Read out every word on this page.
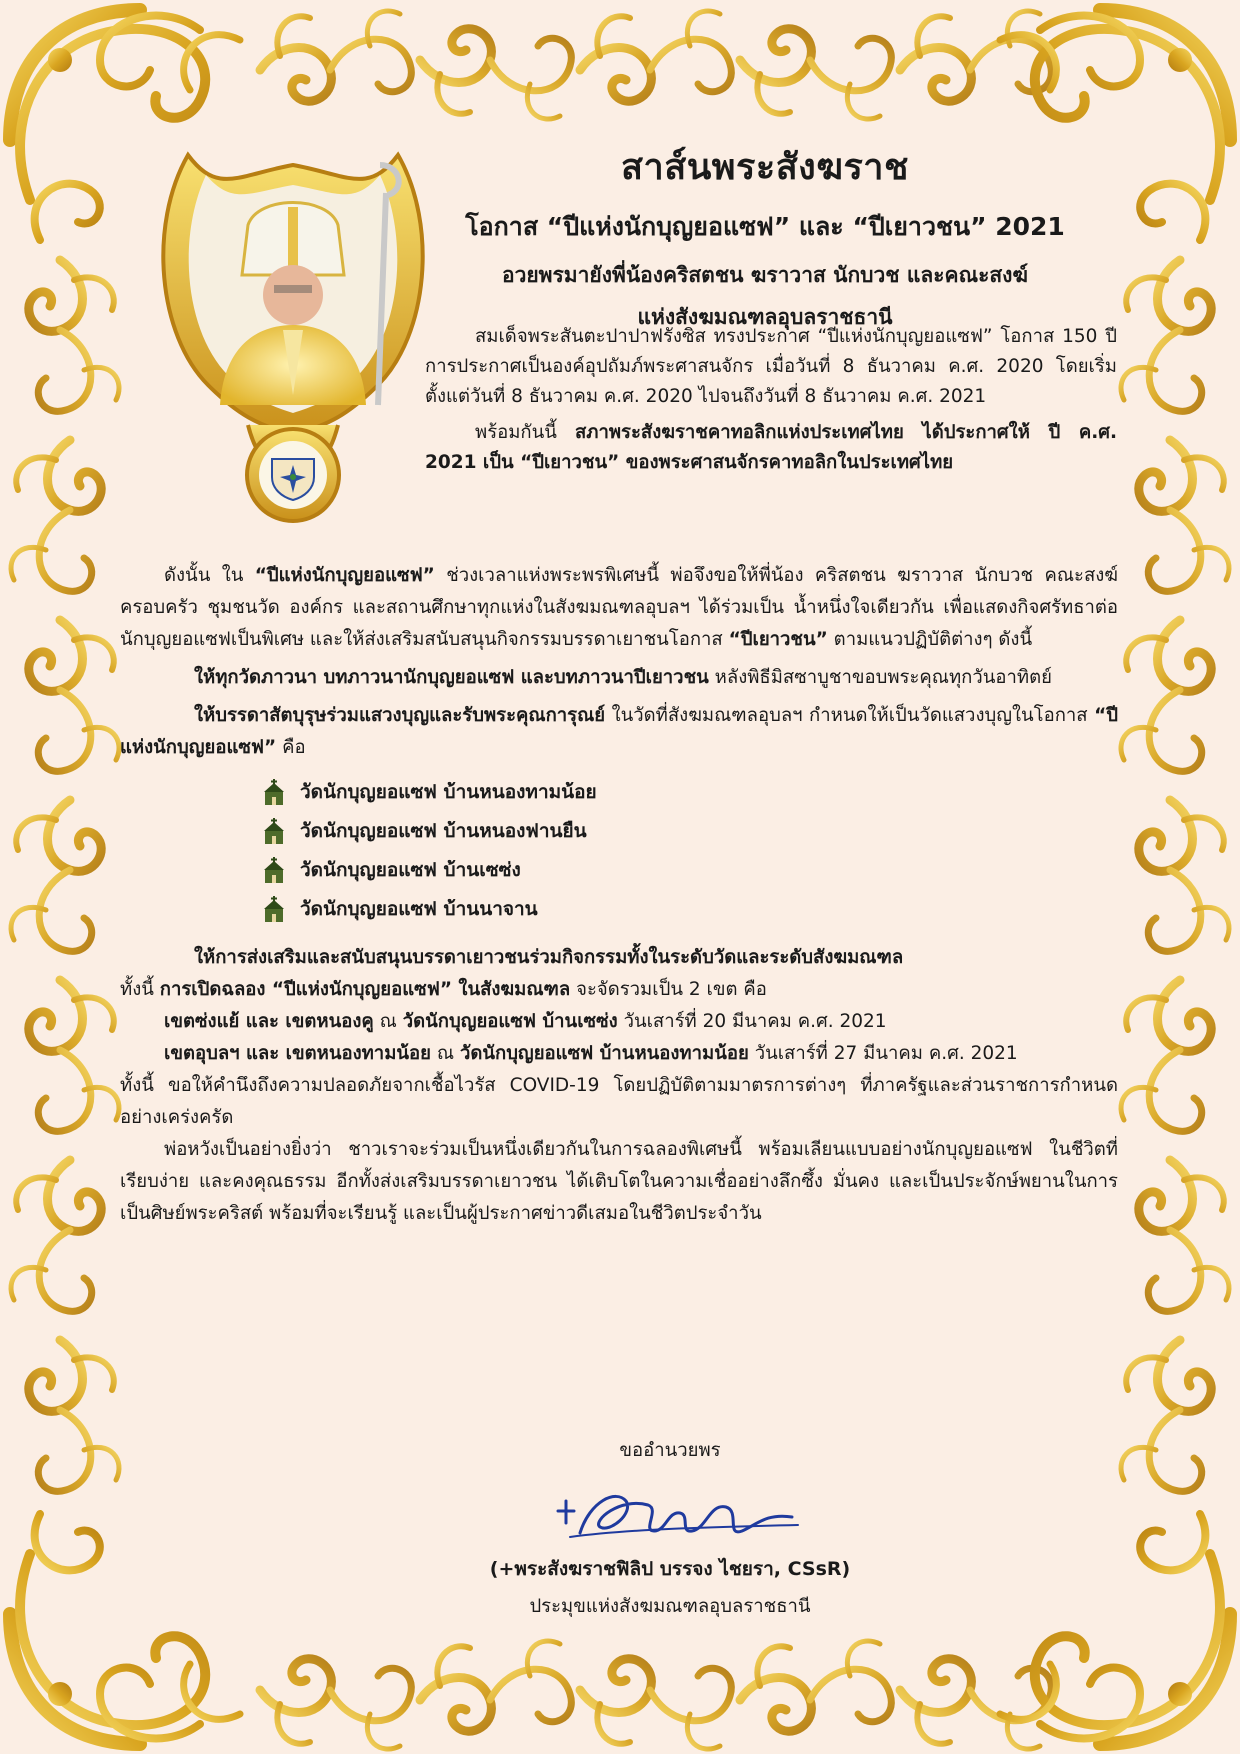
สาส์นพระสังฆราช
โอกาส “ปีแห่งนักบุญยอแซฟ” และ “ปีเยาวชน” 2021
อวยพรมายังพี่น้องคริสตชน ฆราวาส นักบวช และคณะสงฆ์
แห่งสังฆมณฑลอุบลราชธานี

สมเด็จพระสันตะปาปาฟรังซิส ทรงประกาศ “ปีแห่งนักบุญยอแซฟ” โอกาส 150 ปี การประกาศเป็นองค์อุปถัมภ์พระศาสนจักร เมื่อวันที่ 8 ธันวาคม ค.ศ. 2020 โดยเริ่มตั้งแต่วันที่ 8 ธันวาคม ค.ศ. 2020 ไปจนถึงวันที่ 8 ธันวาคม ค.ศ. 2021

พร้อมกันนี้ สภาพระสังฆราชคาทอลิกแห่งประเทศไทย ได้ประกาศให้ ปี ค.ศ. 2021 เป็น “ปีเยาวชน” ของพระศาสนจักรคาทอลิกในประเทศไทย

ดังนั้น ใน “ปีแห่งนักบุญยอแซฟ” ช่วงเวลาแห่งพระพรพิเศษนี้ พ่อจึงขอให้พี่น้อง คริสตชน ฆราวาส นักบวช คณะสงฆ์ ครอบครัว ชุมชนวัด องค์กร และสถานศึกษาทุกแห่งในสังฆมณฑลอุบลฯ ได้ร่วมเป็น น้ำหนึ่งใจเดียวกัน เพื่อแสดงกิจศรัทธาต่อนักบุญยอแซฟเป็นพิเศษ และให้ส่งเสริมสนับสนุนกิจกรรมบรรดาเยาชนโอกาส “ปีเยาวชน” ตามแนวปฏิบัติต่างๆ ดังนี้

ให้ทุกวัดภาวนา บทภาวนานักบุญยอแซฟ และบทภาวนาปีเยาวชน หลังพิธีมิสซาบูชาขอบพระคุณทุกวันอาทิตย์

ให้บรรดาสัตบุรุษร่วมแสวงบุญและรับพระคุณการุณย์ ในวัดที่สังฆมณฑลอุบลฯ กำหนดให้เป็นวัดแสวงบุญในโอกาส “ปีแห่งนักบุญยอแซฟ” คือ

วัดนักบุญยอแซฟ บ้านหนองทามน้อย
วัดนักบุญยอแซฟ บ้านหนองฟานยืน
วัดนักบุญยอแซฟ บ้านเซซ่ง
วัดนักบุญยอแซฟ บ้านนาจาน

ให้การส่งเสริมและสนับสนุนบรรดาเยาวชนร่วมกิจกรรมทั้งในระดับวัดและระดับสังฆมณฑล

ทั้งนี้ การเปิดฉลอง “ปีแห่งนักบุญยอแซฟ” ในสังฆมณฑล จะจัดรวมเป็น 2 เขต คือ

เขตซ่งแย้ และ เขตหนองคู ณ วัดนักบุญยอแซฟ บ้านเซซ่ง วันเสาร์ที่ 20 มีนาคม ค.ศ. 2021

เขตอุบลฯ และ เขตหนองทามน้อย ณ วัดนักบุญยอแซฟ บ้านหนองทามน้อย วันเสาร์ที่ 27 มีนาคม ค.ศ. 2021

ทั้งนี้ ขอให้คำนึงถึงความปลอดภัยจากเชื้อไวรัส COVID-19 โดยปฏิบัติตามมาตรการต่างๆ ที่ภาครัฐและส่วนราชการกำหนดอย่างเคร่งครัด

พ่อหวังเป็นอย่างยิ่งว่า ชาวเราจะร่วมเป็นหนึ่งเดียวกันในการฉลองพิเศษนี้ พร้อมเลียนแบบอย่างนักบุญยอแซฟ ในชีวิตที่เรียบง่าย และคงคุณธรรม อีกทั้งส่งเสริมบรรดาเยาวชน ได้เติบโตในความเชื่ออย่างลึกซึ้ง มั่นคง และเป็นประจักษ์พยานในการเป็นศิษย์พระคริสต์ พร้อมที่จะเรียนรู้ และเป็นผู้ประกาศข่าวดีเสมอในชีวิตประจำวัน

ขออำนวยพร
(+พระสังฆราชฟิลิป บรรจง ไชยรา, CSsR)
ประมุขแห่งสังฆมณฑลอุบลราชธานี
